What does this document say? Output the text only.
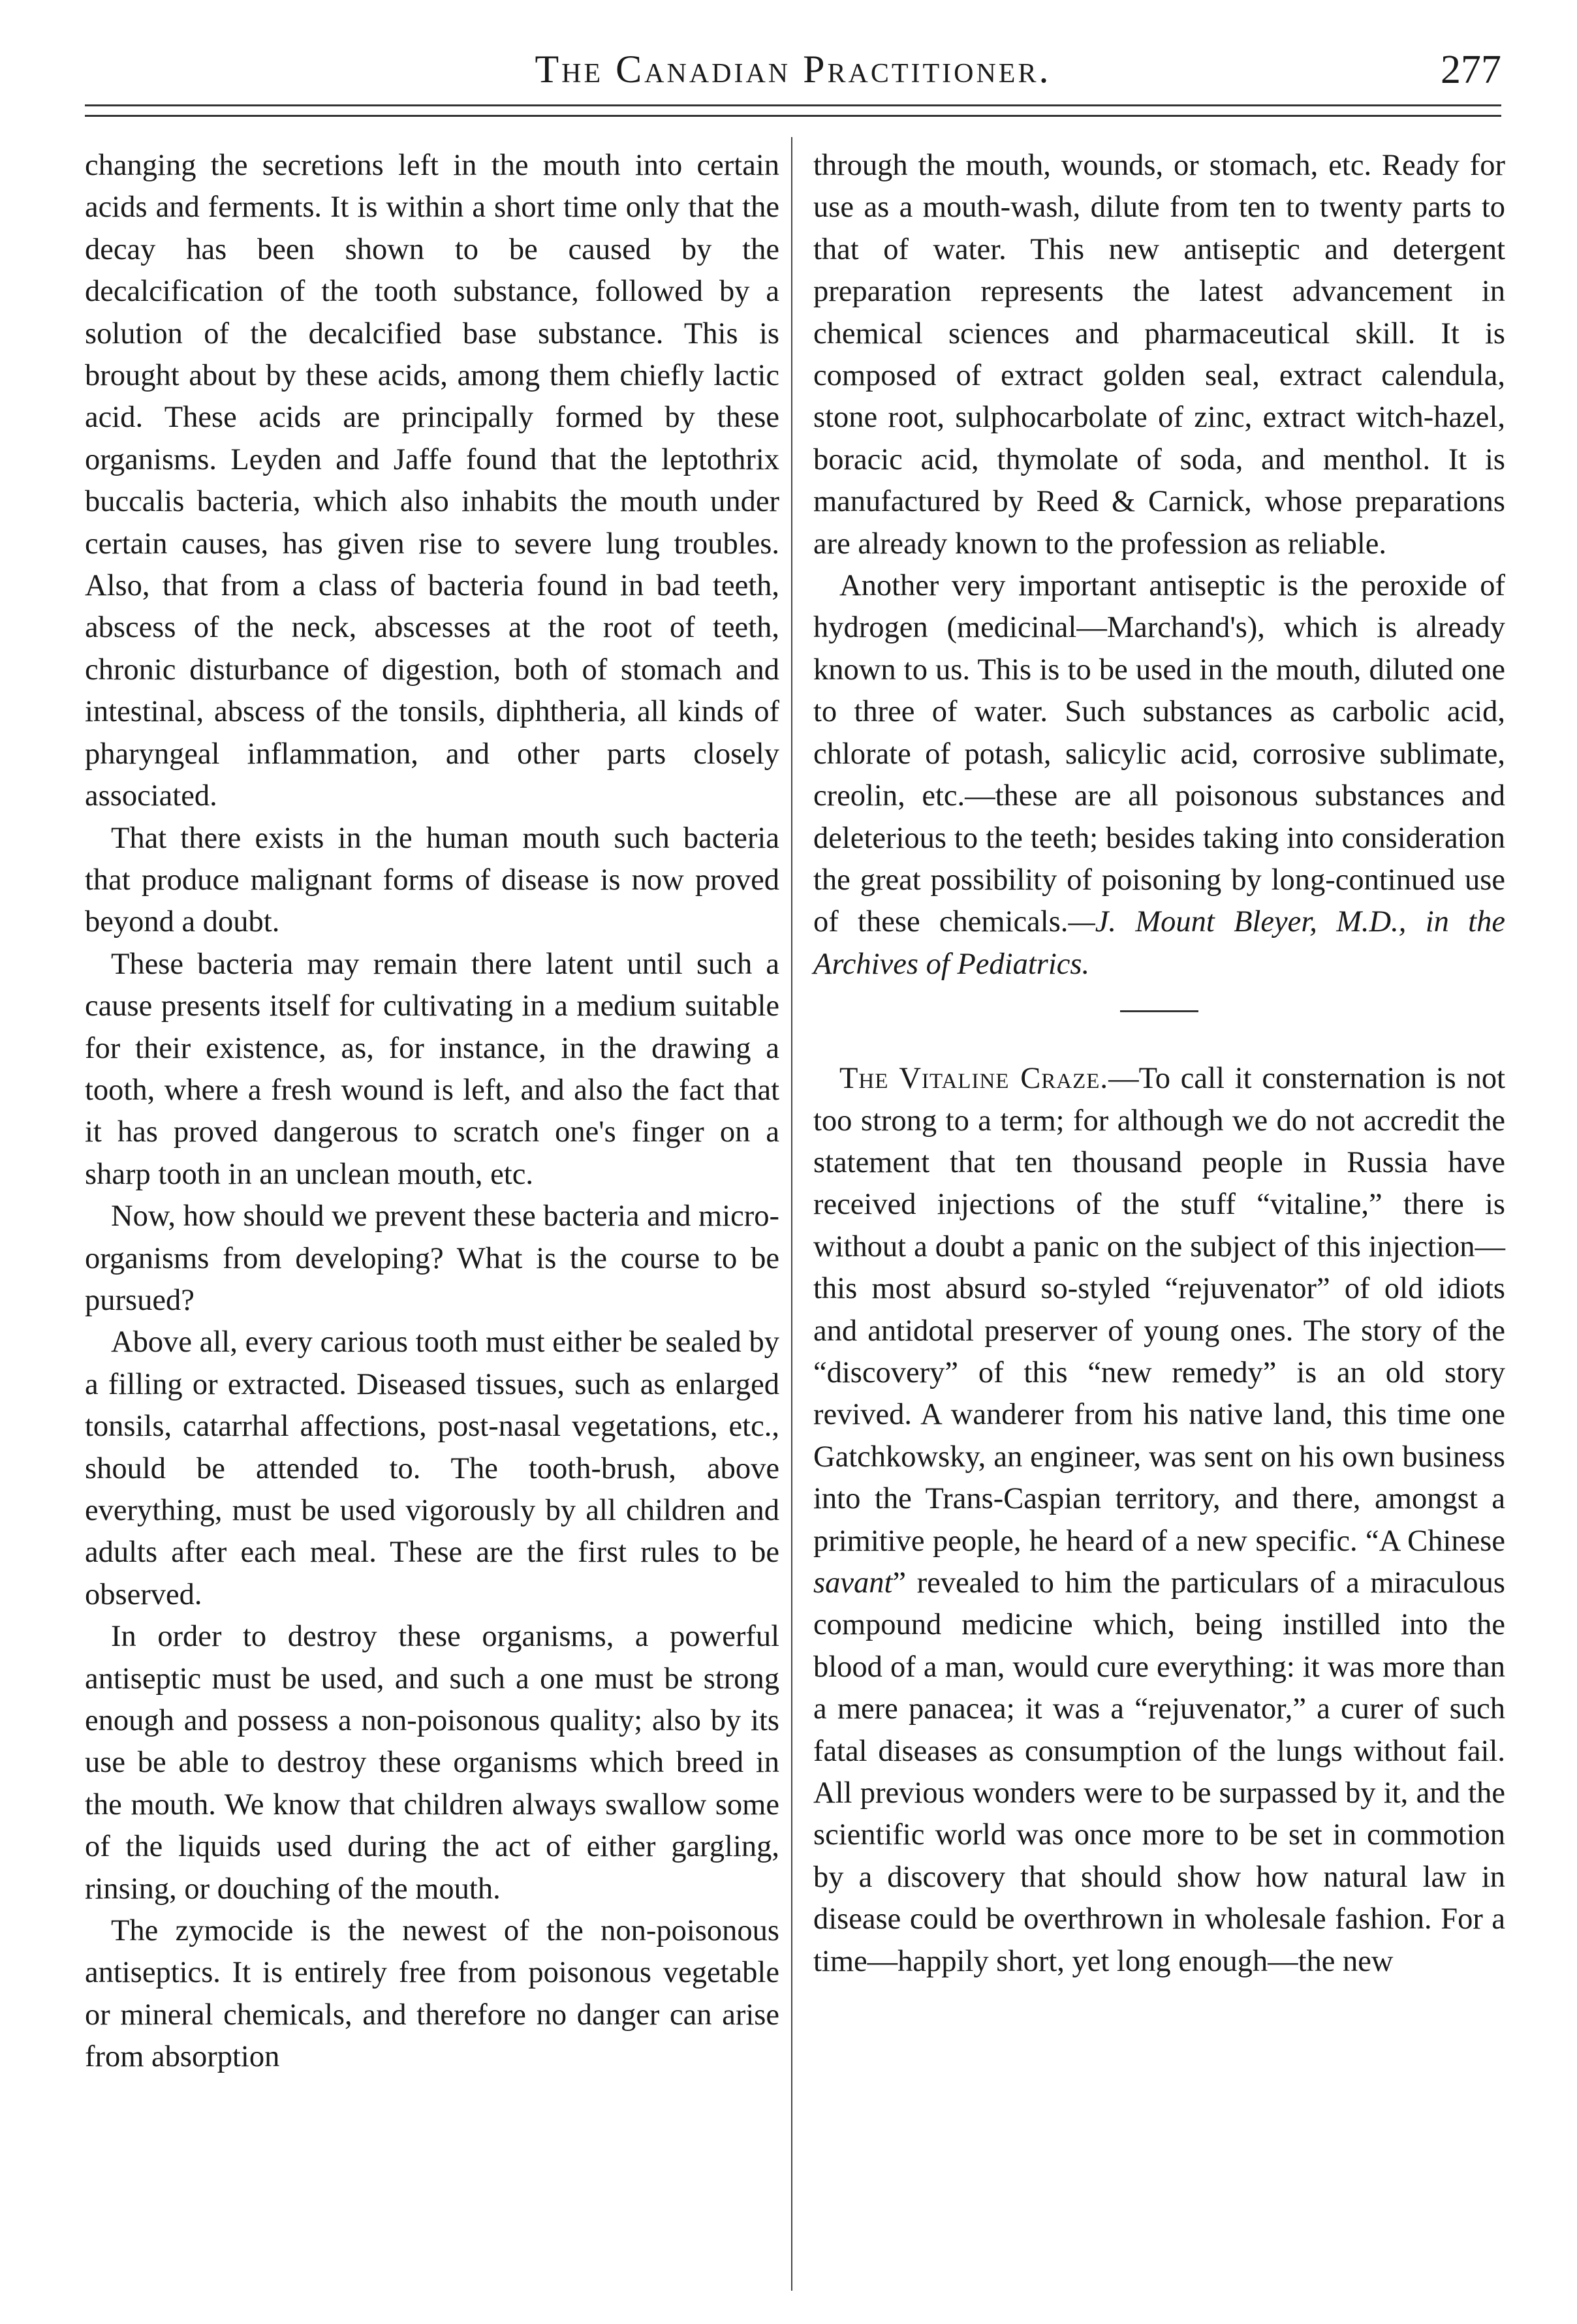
The Canadian Practitioner.	277

changing the secretions left in the mouth into certain acids and ferments. It is within a short time only that the decay has been shown to be caused by the decalcification of the tooth substance, followed by a solution of the decalcified base substance. This is brought about by these acids, among them chiefly lactic acid. These acids are principally formed by these organisms. Leyden and Jaffe found that the leptothrix buccalis bacteria, which also inhabits the mouth under certain causes, has given rise to severe lung troubles. Also, that from a class of bacteria found in bad teeth, abscess of the neck, abscesses at the root of teeth, chronic disturbance of digestion, both of stomach and intestinal, abscess of the tonsils, diphtheria, all kinds of pharyngeal inflammation, and other parts closely associated.

That there exists in the human mouth such bacteria that produce malignant forms of disease is now proved beyond a doubt.

These bacteria may remain there latent until such a cause presents itself for cultivating in a medium suitable for their existence, as, for instance, in the drawing a tooth, where a fresh wound is left, and also the fact that it has proved dangerous to scratch one's finger on a sharp tooth in an unclean mouth, etc.

Now, how should we prevent these bacteria and micro-organisms from developing? What is the course to be pursued?

Above all, every carious tooth must either be sealed by a filling or extracted. Diseased tissues, such as enlarged tonsils, catarrhal affections, post-nasal vegetations, etc., should be attended to. The tooth-brush, above everything, must be used vigorously by all children and adults after each meal. These are the first rules to be observed.

In order to destroy these organisms, a powerful antiseptic must be used, and such a one must be strong enough and possess a non-poisonous quality; also by its use be able to destroy these organisms which breed in the mouth. We know that children always swallow some of the liquids used during the act of either gargling, rinsing, or douching of the mouth.

The zymocide is the newest of the non-poisonous antiseptics. It is entirely free from poisonous vegetable or mineral chemicals, and therefore no danger can arise from absorption

through the mouth, wounds, or stomach, etc. Ready for use as a mouth-wash, dilute from ten to twenty parts to that of water. This new antiseptic and detergent preparation represents the latest advancement in chemical sciences and pharmaceutical skill. It is composed of extract golden seal, extract calendula, stone root, sulphocarbolate of zinc, extract witch-hazel, boracic acid, thymolate of soda, and menthol. It is manufactured by Reed & Carnick, whose preparations are already known to the profession as reliable.

Another very important antiseptic is the peroxide of hydrogen (medicinal—Marchand's), which is already known to us. This is to be used in the mouth, diluted one to three of water. Such substances as carbolic acid, chlorate of potash, salicylic acid, corrosive sublimate, creolin, etc.—these are all poisonous substances and deleterious to the teeth; besides taking into consideration the great possibility of poisoning by long-continued use of these chemicals.—J. Mount Bleyer, M.D., in the Archives of Pediatrics.

The Vitaline Craze.—To call it consternation is not too strong to a term; for although we do not accredit the statement that ten thousand people in Russia have received injections of the stuff “vitaline,” there is without a doubt a panic on the subject of this injection—this most absurd so-styled “rejuvenator” of old idiots and antidotal preserver of young ones. The story of the “discovery” of this “new remedy” is an old story revived. A wanderer from his native land, this time one Gatchkowsky, an engineer, was sent on his own business into the Trans-Caspian territory, and there, amongst a primitive people, he heard of a new specific. “A Chinese savant” revealed to him the particulars of a miraculous compound medicine which, being instilled into the blood of a man, would cure everything: it was more than a mere panacea; it was a “rejuvenator,” a curer of such fatal diseases as consumption of the lungs without fail. All previous wonders were to be surpassed by it, and the scientific world was once more to be set in commotion by a discovery that should show how natural law in disease could be overthrown in wholesale fashion. For a time—happily short, yet long enough—the new
